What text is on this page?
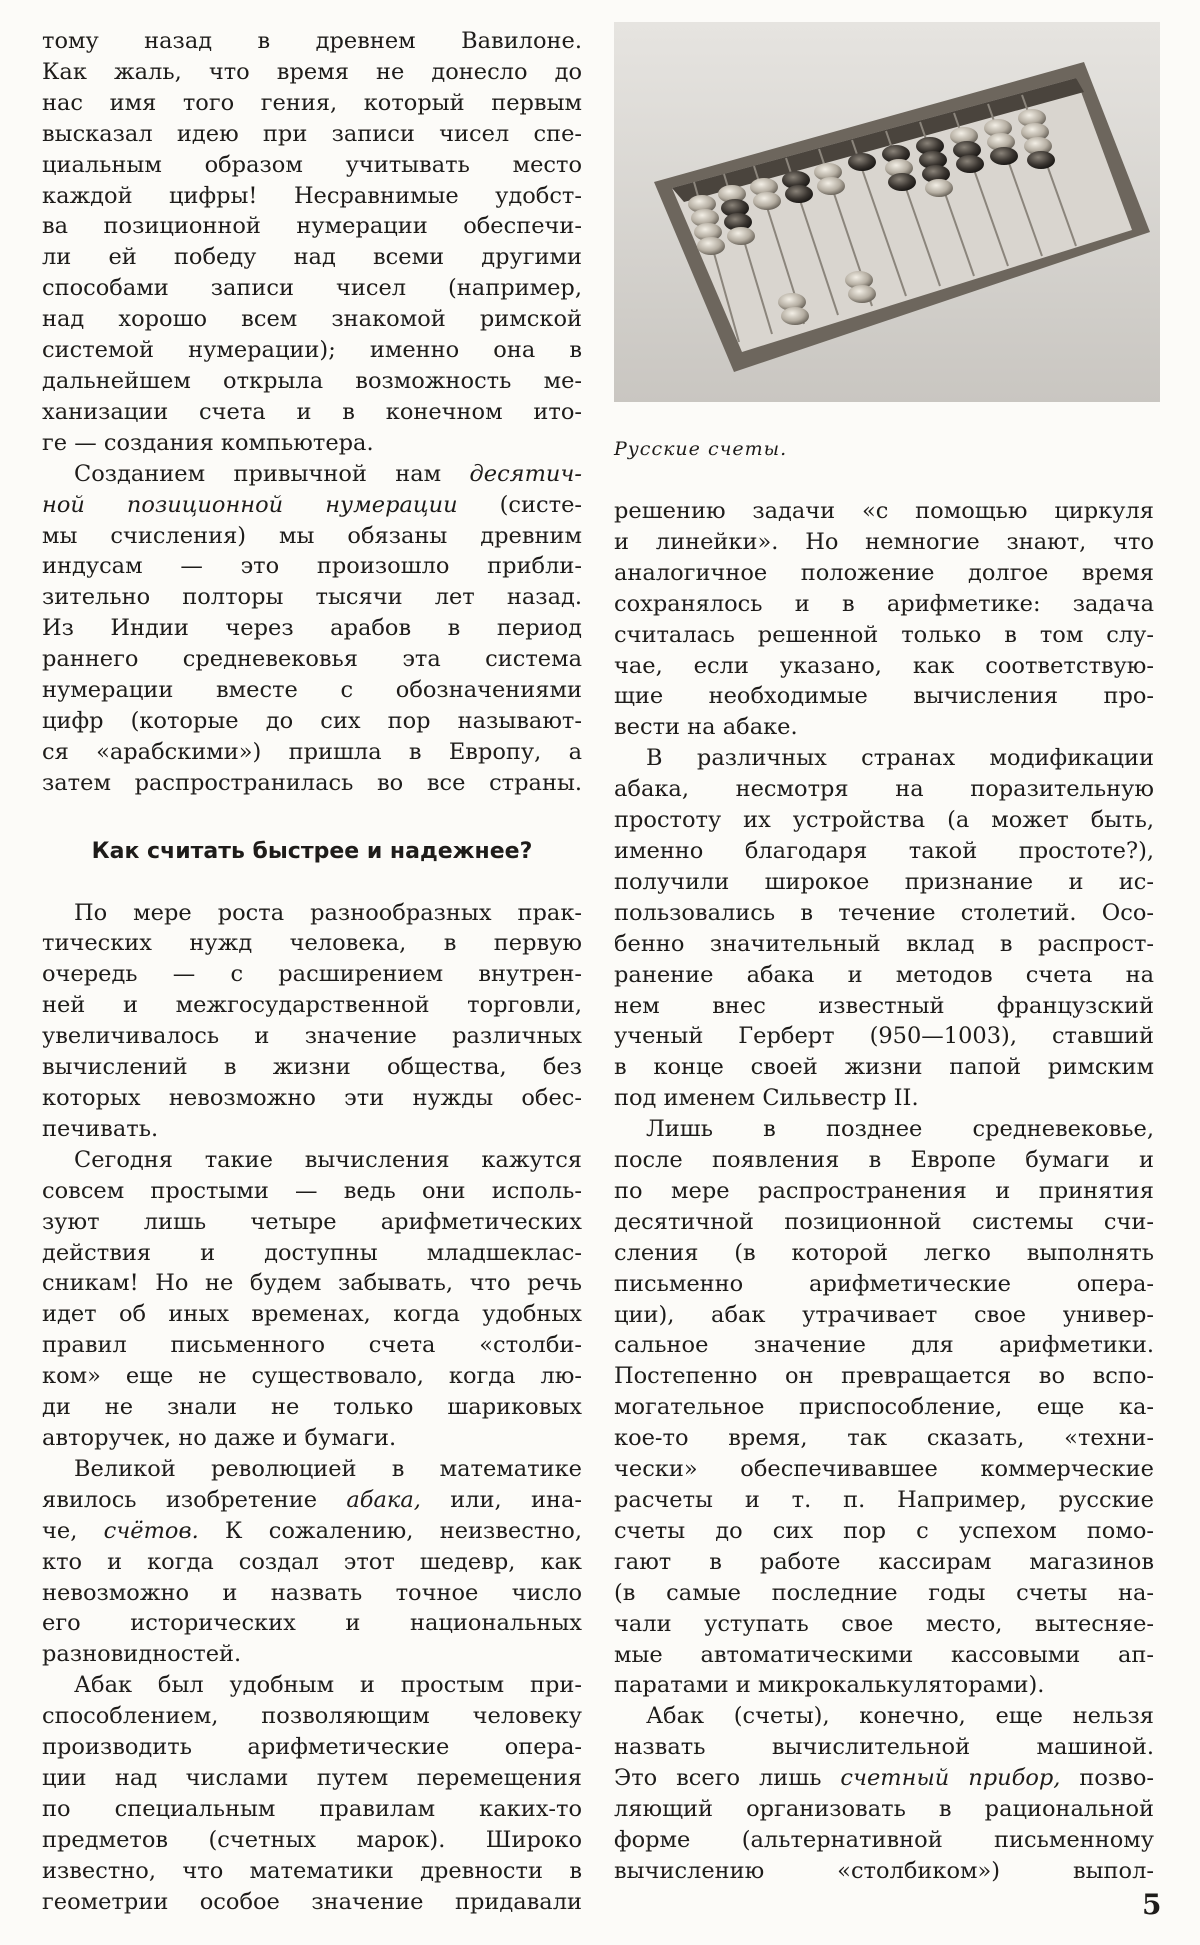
тому назад в древнем Вавилоне.
Как жаль, что время не донесло до
нас имя того гения, который первым
высказал идею при записи чисел спе-
циальным образом учитывать место
каждой цифры! Несравнимые удобст-
ва позиционной нумерации обеспечи-
ли ей победу над всеми другими
способами записи чисел (например,
над хорошо всем знакомой римской
системой нумерации); именно она в
дальнейшем открыла возможность ме-
ханизации счета и в конечном ито-
ге — создания компьютера.
Созданием привычной нам десятич-
ной позиционной нумерации (систе-
мы счисления) мы обязаны древним
индусам — это произошло прибли-
зительно полторы тысячи лет назад.
Из Индии через арабов в период
раннего средневековья эта система
нумерации вместе с обозначениями
цифр (которые до сих пор называют-
ся «арабскими») пришла в Европу, а
затем распространилась во все страны.
Как считать быстрее и надежнее?
По мере роста разнообразных прак-
тических нужд человека, в первую
очередь — с расширением внутрен-
ней и межгосударственной торговли,
увеличивалось и значение различных
вычислений в жизни общества, без
которых невозможно эти нужды обес-
печивать.
Сегодня такие вычисления кажутся
совсем простыми — ведь они исполь-
зуют лишь четыре арифметических
действия и доступны младшеклас-
сникам! Но не будем забывать, что речь
идет об иных временах, когда удобных
правил письменного счета «столби-
ком» еще не существовало, когда лю-
ди не знали не только шариковых
авторучек, но даже и бумаги.
Великой революцией в математике
явилось изобретение абака, или, ина-
че, счётов. К сожалению, неизвестно,
кто и когда создал этот шедевр, как
невозможно и назвать точное число
его исторических и национальных
разновидностей.
Абак был удобным и простым при-
способлением, позволяющим человеку
производить арифметические опера-
ции над числами путем перемещения
по специальным правилам каких-то
предметов (счетных марок). Широко
известно, что математики древности в
геометрии особое значение придавали
Русские счеты.
решению задачи «с помощью циркуля
и линейки». Но немногие знают, что
аналогичное положение долгое время
сохранялось и в арифметике: задача
считалась решенной только в том слу-
чае, если указано, как соответствую-
щие необходимые вычисления про-
вести на абаке.
В различных странах модификации
абака, несмотря на поразительную
простоту их устройства (а может быть,
именно благодаря такой простоте?),
получили широкое признание и ис-
пользовались в течение столетий. Осо-
бенно значительный вклад в распрост-
ранение абака и методов счета на
нем внес известный французский
ученый Герберт (950—1003), ставший
в конце своей жизни папой римским
под именем Сильвестр II.
Лишь в позднее средневековье,
после появления в Европе бумаги и
по мере распространения и принятия
десятичной позиционной системы счи-
сления (в которой легко выполнять
письменно арифметические опера-
ции), абак утрачивает свое универ-
сальное значение для арифметики.
Постепенно он превращается во вспо-
могательное приспособление, еще ка-
кое-то время, так сказать, «техни-
чески» обеспечивавшее коммерческие
расчеты и т. п. Например, русские
счеты до сих пор с успехом помо-
гают в работе кассирам магазинов
(в самые последние годы счеты на-
чали уступать свое место, вытесняе-
мые автоматическими кассовыми ап-
паратами и микрокалькуляторами).
Абак (счеты), конечно, еще нельзя
назвать вычислительной машиной.
Это всего лишь счетный прибор, позво-
ляющий организовать в рациональной
форме (альтернативной письменному
вычислению «столбиком») выпол-
5
